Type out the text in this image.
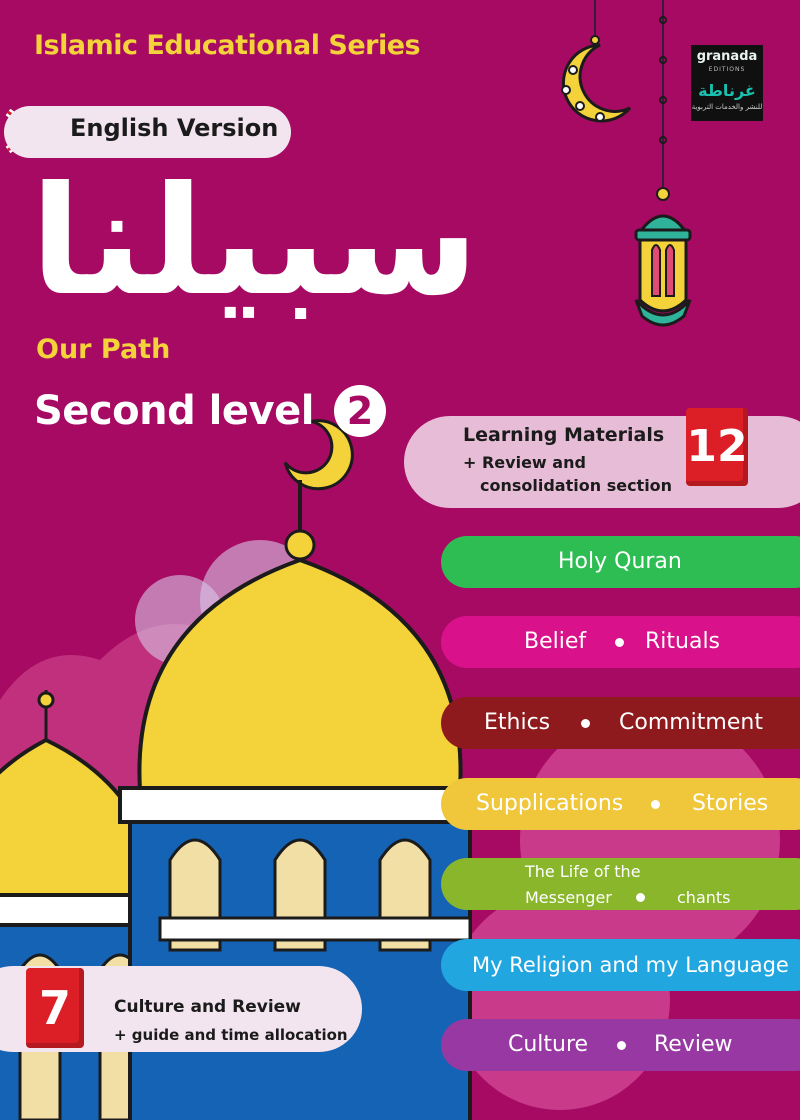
Islamic Educational Series
English Version
granada
EDITIONS
غرناطة
للنشر والخدمات التربوية
سبيلنا
Our Path
Second level 2
Learning Materials
+ Review and
consolidation section
12
Holy Quran
Belief	Rituals
Ethics	Commitment
Supplications	Stories
The Life of the
Messenger	chants
My Religion and my Language
Culture	Review
7	Culture and Review
+ guide and time allocation
